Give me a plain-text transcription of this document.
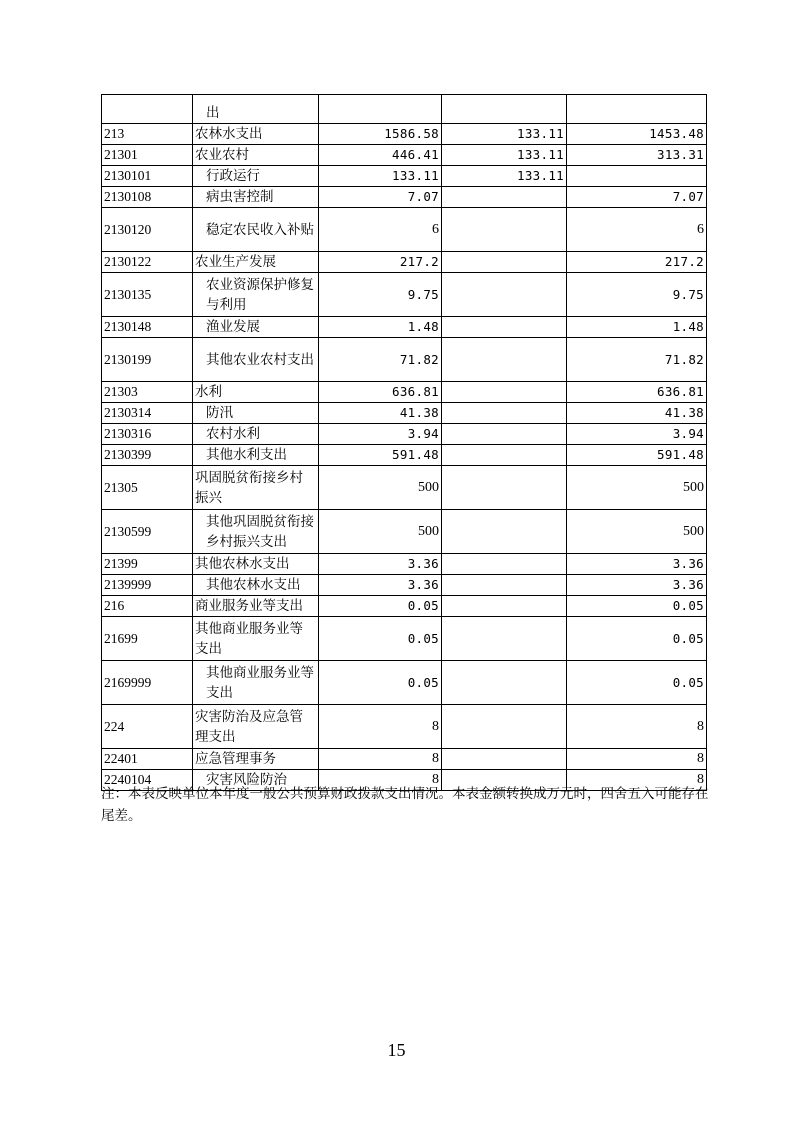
	出			
213	农林水支出	1586.58	133.11	1453.48
21301	农业农村	446.41	133.11	313.31
2130101	行政运行	133.11	133.11	
2130108	病虫害控制	7.07		7.07
2130120	稳定农民收入补贴	6		6
2130122	农业生产发展	217.2		217.2
2130135	农业资源保护修复与利用	9.75		9.75
2130148	渔业发展	1.48		1.48
2130199	其他农业农村支出	71.82		71.82
21303	水利	636.81		636.81
2130314	防汛	41.38		41.38
2130316	农村水利	3.94		3.94
2130399	其他水利支出	591.48		591.48
21305	巩固脱贫衔接乡村振兴	500		500
2130599	其他巩固脱贫衔接乡村振兴支出	500		500
21399	其他农林水支出	3.36		3.36
2139999	其他农林水支出	3.36		3.36
216	商业服务业等支出	0.05		0.05
21699	其他商业服务业等支出	0.05		0.05
2169999	其他商业服务业等支出	0.05		0.05
224	灾害防治及应急管理支出	8		8
22401	应急管理事务	8		8
2240104	灾害风险防治	8		8
注：本表反映单位本年度一般公共预算财政拨款支出情况。本表金额转换成万元时，四舍五入可能存在尾差。
15
